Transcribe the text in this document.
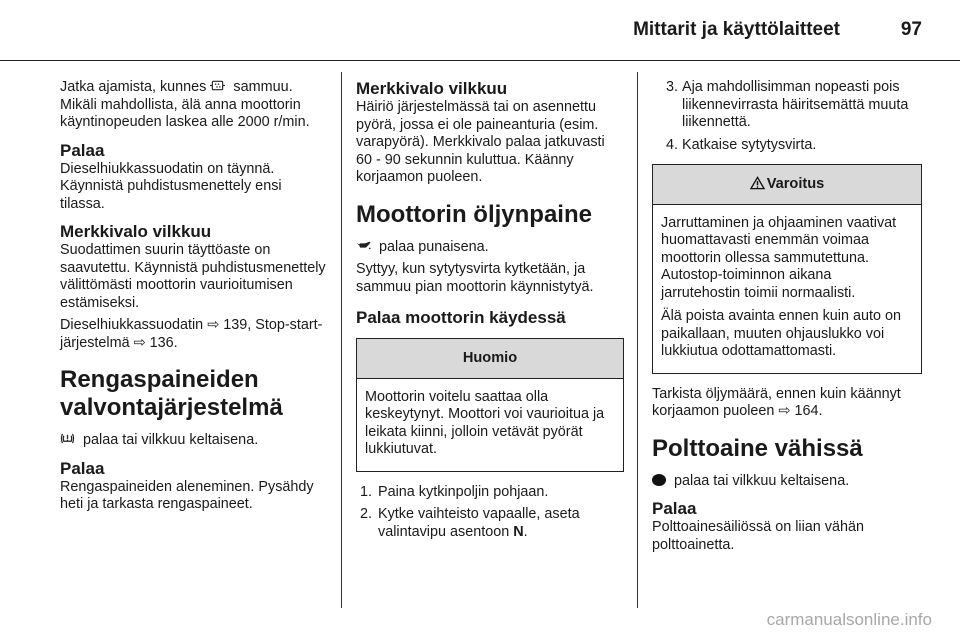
Mittarit ja käyttölaitteet	97

Jatka ajamista, kunnes sammuu. Mikäli mahdollista, älä anna moottorin käyntinopeuden laskea alle 2000 r/min.

Palaa

Dieselhiukkassuodatin on täynnä. Käynnistä puhdistusmenettely ensi tilassa.

Merkkivalo vilkkuu

Suodattimen suurin täyttöaste on saavutettu. Käynnistä puhdistusmenettely välittömästi moottorin vaurioitumisen estämiseksi.

Dieselhiukkassuodatin ⇨ 139, Stop-start-järjestelmä ⇨ 136.

Rengaspaineiden valvontajärjestelmä

palaa tai vilkkuu keltaisena.

Palaa

Rengaspaineiden aleneminen. Pysähdy heti ja tarkasta rengaspaineet.

Merkkivalo vilkkuu

Häiriö järjestelmässä tai on asennettu pyörä, jossa ei ole paineanturia (esim. varapyörä). Merkkivalo palaa jatkuvasti 60 - 90 sekunnin kuluttua. Käänny korjaamon puoleen.

Moottorin öljynpaine

palaa punaisena.

Syttyy, kun sytytysvirta kytketään, ja sammuu pian moottorin käynnistytyä.

Palaa moottorin käydessä
Huomio

Moottorin voitelu saattaa olla keskeytynyt. Moottori voi vaurioitua ja leikata kiinni, jolloin vetävät pyörät lukkiutuvat.

1. Paina kytkinpoljin pohjaan.
2. Kytke vaihteisto vapaalle, aseta valintavipu asentoon N.
3. Aja mahdollisimman nopeasti pois liikennevirrasta häiritsemättä muuta liikennettä.
4. Katkaise sytytysvirta.
Varoitus

Jarruttaminen ja ohjaaminen vaativat huomattavasti enemmän voimaa moottorin ollessa sammutettuna. Autostop-toiminnon aikana jarrutehostin toimii normaalisti.

Älä poista avainta ennen kuin auto on paikallaan, muuten ohjauslukko voi lukkiutua odottamattomasti.

Tarkista öljymäärä, ennen kuin käännyt korjaamon puoleen ⇨ 164.

Polttoaine vähissä

palaa tai vilkkuu keltaisena.

Palaa

Polttoainesäiliössä on liian vähän polttoainetta.

carmanualsonline.info
